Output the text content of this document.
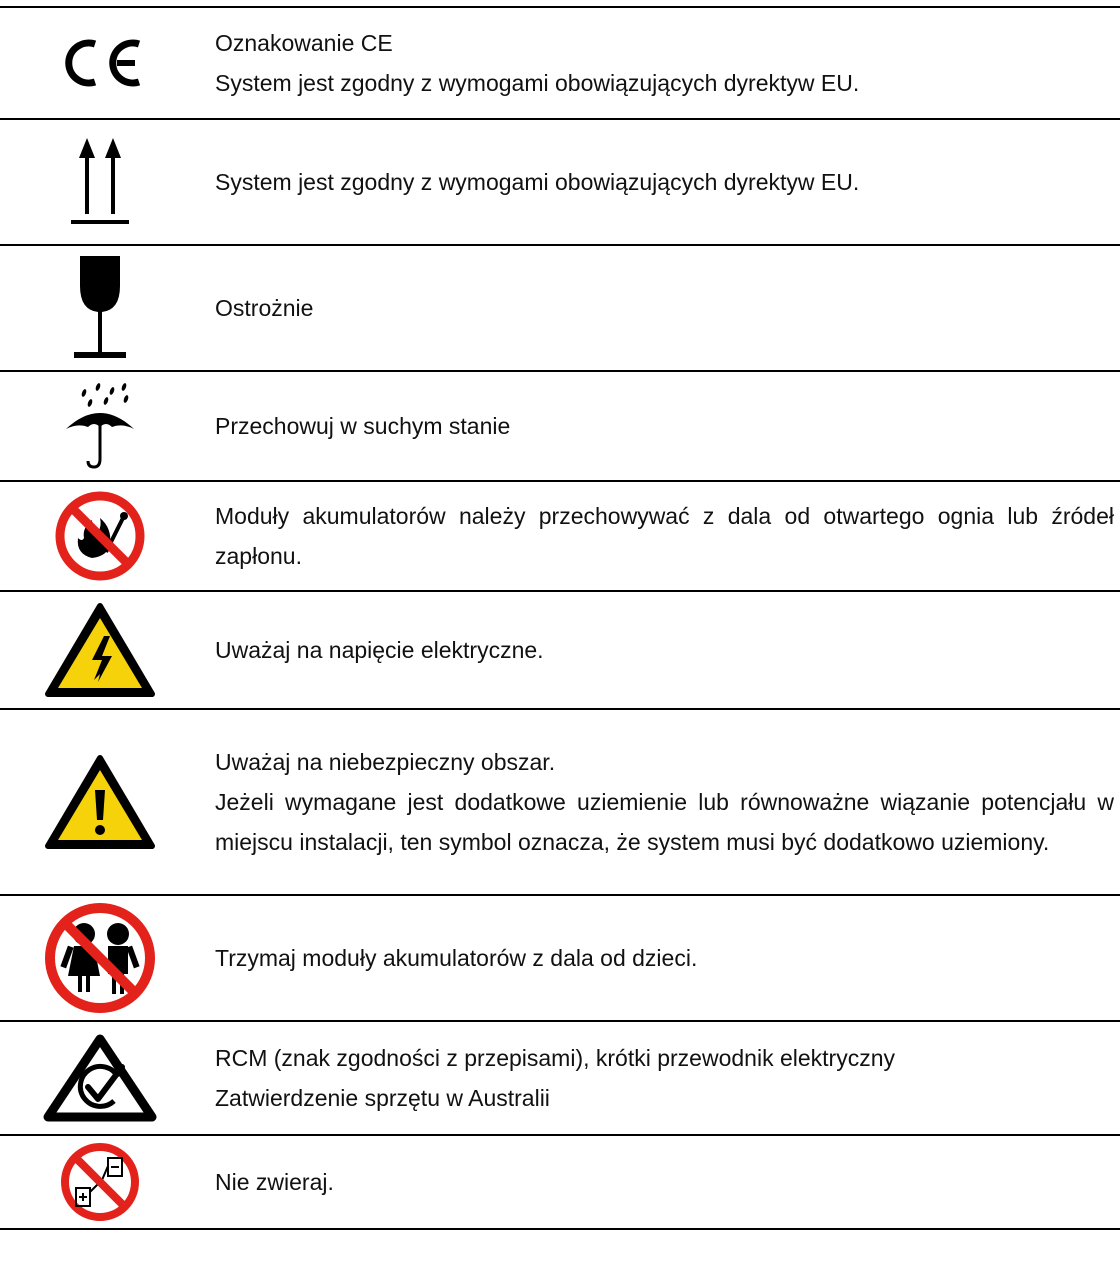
Oznakowanie CE

System jest zgodny z wymogami obowiązujących dyrektyw EU.

System jest zgodny z wymogami obowiązujących dyrektyw EU.

Ostrożnie

Przechowuj w suchym stanie

Moduły akumulatorów należy przechowywać z dala od otwartego ognia lub źródeł zapłonu.

Uważaj na napięcie elektryczne.

Uważaj na niebezpieczny obszar.

Jeżeli wymagane jest dodatkowe uziemienie lub równoważne wiązanie potencjału w miejscu instalacji, ten symbol oznacza, że system musi być dodatkowo uziemiony.

Trzymaj moduły akumulatorów z dala od dzieci.

RCM (znak zgodności z przepisami), krótki przewodnik elektryczny

Zatwierdzenie sprzętu w Australii

Nie zwieraj.
